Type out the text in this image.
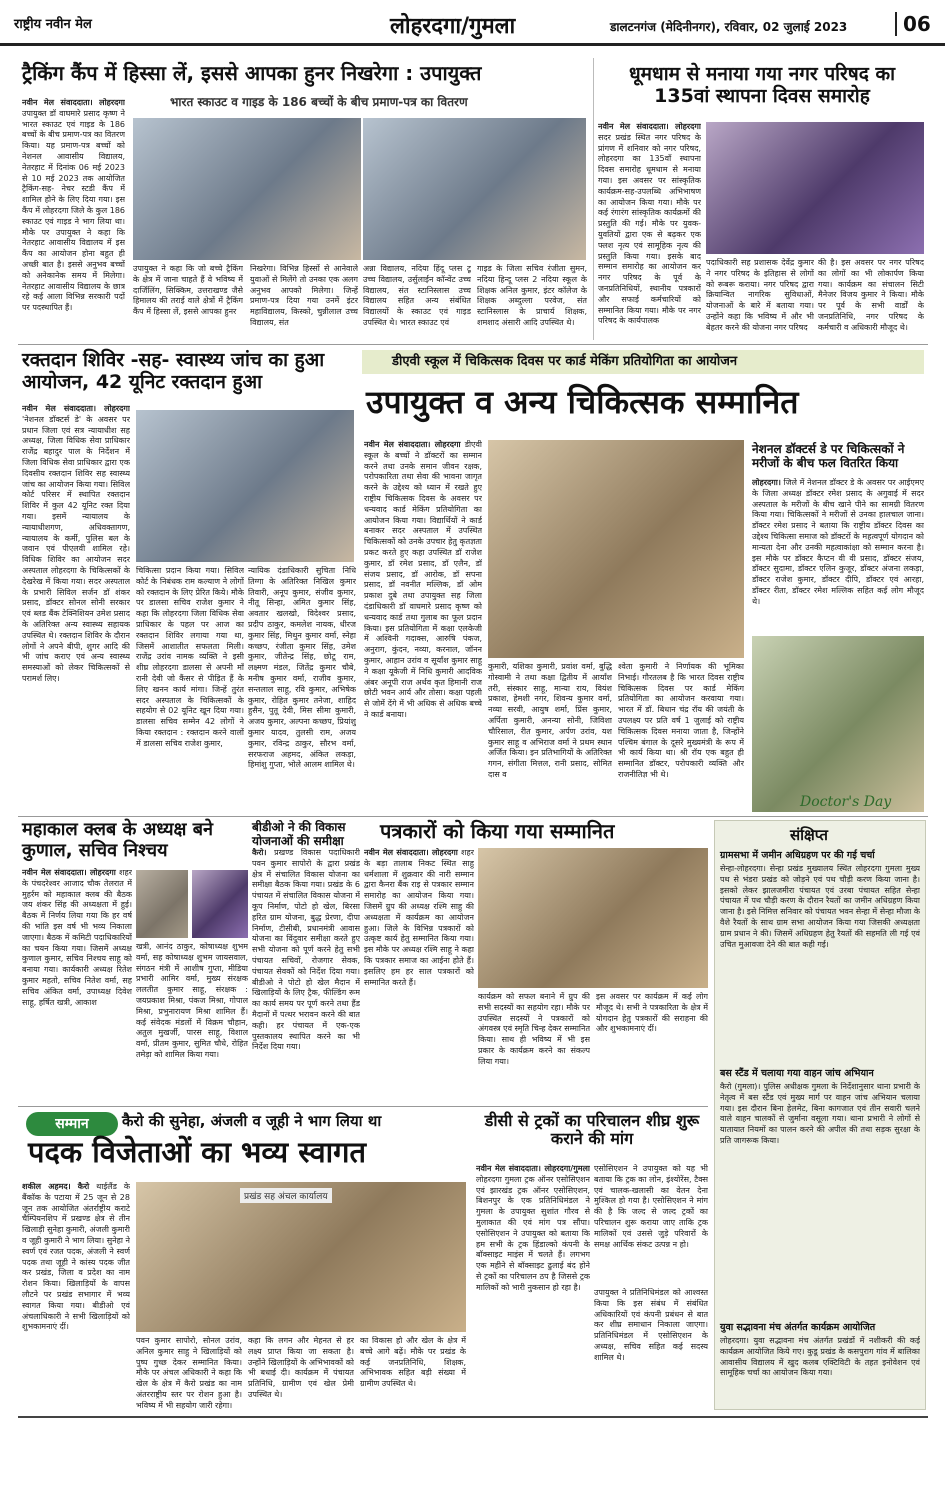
राष्ट्रीय नवीन मेल	लोहरदगा/गुमला	डालटनगंज (मेदिनीनगर), रविवार, 02 जुलाई 2023	06
ट्रैकिंग कैंप में हिस्सा लें, इससे आपका हुनर निखरेगा : उपायुक्त
भारत स्काउट व गाइड के 186 बच्चों के बीच प्रमाण-पत्र का वितरण
नवीन मेल संवाददाता। लोहरदगा उपायुक्त डॉ वाघमारे प्रसाद कृष्ण ने भारत स्काउट एवं गाइड के 186 बच्चों के बीच प्रमाण-पत्र का वितरण किया। यह प्रमाण-पत्र बच्चों को नेशनल आवासीय विद्यालय, नेतरहाट में दिनांक 06 मई 2023 से 10 मई 2023 तक आयोजित ट्रैकिंग-सह- नेचर स्टडी कैंप में शामिल होने के लिए दिया गया। इस कैंप में लोहरदगा जिले के कुल 186 स्काउट एवं गाइड ने भाग लिया था। मौके पर उपायुक्त ने कहा कि नेतरहाट आवासीय विद्यालय में इस कैंप का आयोजन होना बहुत ही अच्छी बात है। इससे अनुभव बच्चों को अनेकानेक समय में मिलेगा। नेतरहाट आवासीय विद्यालय के छात्र रहे कई आला विभिन्न सरकारी पदों पर पदस्थापित हैं।
उपायुक्त ने कहा कि जो बच्चे ट्रैकिंग के क्षेत्र में जाना चाहते हैं वे भविष्य में दार्जिलिंग, सिक्किम, उत्तराखण्ड जैसे हिमालय की तराई वाले क्षेत्रों में ट्रैकिंग कैंप में हिस्सा लें, इससे आपका हुनर
निखरेगा। विभिन्न हिस्सों से आनेवाले युवाओं से मिलेंगे तो उनका एक अलग अनुभव आपको मिलेगा। जिन्हें प्रमाण-पत्र दिया गया उनमें इंटर महाविद्यालय, किस्को, चुन्नीलाल उच्च विद्यालय, संत
अन्ना विद्यालय, नदिया हिंदू प्लस टू उच्च विद्यालय, उर्सुलाईन कॉन्वेंट उच्च विद्यालय, संत स्टानिस्लास उच्च विद्यालय सहित अन्य संबंधित विद्यालयों के स्काउट एवं गाइड उपस्थित थे। भारत स्काउट एवं
गाइड के जिला सचिव रंजीता सुमन, नदिया हिन्दू प्लस 2 नदिया स्कूल के शिक्षक अनिल कुमार, इंटर कॉलेज के शिक्षक अब्दुल्ला परवेज, संत स्टानिस्लास के प्राचार्य शिक्षक, शमशाद अंसारी आदि उपस्थित थे।
धूमधाम से मनाया गया नगर परिषद का 135वां स्थापना दिवस समारोह
नवीन मेल संवाददाता। लोहरदगा सदर प्रखंड स्थित नगर परिषद के प्रांगण में शनिवार को नगर परिषद, लोहरदगा का 135वाँ स्थापना दिवस समारोह धूमधाम से मनाया गया। इस अवसर पर सांस्कृतिक कार्यक्रम-सह-उपलब्धि अभिभाषण का आयोजन किया गया। मौके पर कई रंगारंग सांस्कृतिक कार्यक्रमों की प्रस्तुति की गई। मौके पर युवक-युवतियों द्वारा एक से बढ़कर एक फ्लश नृत्य एवं सामूहिक नृत्य की प्रस्तुति किया गया। इसके बाद सम्मान समारोह का आयोजन कर नगर परिषद के पूर्व के जनप्रतिनिधियों, स्थानीय पत्रकारों और सफाई कर्मचारियों को सम्मानित किया गया। मौके पर नगर परिषद के कार्यपालक
पदाधिकारी सह प्रशासक देवेंद्र कुमार ने नगर परिषद के इतिहास से लोगों को रूबरू कराया। नगर परिषद द्वारा क्रियान्वित नागरिक सुविधाओं, योजनाओं के बारे में बताया गया। उन्होंने कहा कि भविष्य में और भी बेहतर करने की योजना नगर परिषद
की है। इस अवसर पर नगर परिषद का लोगों का भी लोकार्पण किया गया। कार्यक्रम का संचालन सिटी मैनेजर विजय कुमार ने किया। मौके पर पूर्व के सभी वार्डों के जनप्रतिनिधि, नगर परिषद के कर्मचारी व अधिकारी मौजूद थे।
रक्तदान शिविर -सह- स्वास्थ्य जांच का हुआ आयोजन, 42 यूनिट रक्तदान हुआ
नवीन मेल संवाददाता। लोहरदगा 'नेशनल डॉक्टर्स डे' के अवसर पर प्रधान जिला एवं सत्र न्यायाधीश सह अध्यक्ष, जिला विधिक सेवा प्राधिकार राजेंद्र बहादुर पाल के निर्देशन में जिला विधिक सेवा प्राधिकार द्वारा एक दिवसीय रक्तदान शिविर सह स्वास्थ्य जांच का आयोजन किया गया। सिविल कोर्ट परिसर में स्थापित रक्तदान शिविर में कुल 42 यूनिट रक्त दिया गया। इसमें न्यायालय के न्यायाधीशगण, अधिवक्तागण, न्यायालय के कर्मी, पुलिस बल के जवान एवं पीएलवी शामिल रहे। विधिक शिविर का आयोजन सदर अस्पताल लोहरदगा के चिकित्सकों के देखरेख में किया गया। सदर अस्पताल के प्रभारी सिविल सर्जन डॉ शंकर प्रसाद, डॉक्टर सोनल सोनी सरकार एवं ब्लड बैंक टेक्निशियन उमेश प्रसाद के अतिरिक्त अन्य स्वास्थ्य सहायक उपस्थित थे। रक्तदान शिविर के दौरान लोगों ने अपने बीपी, शुगर आदि की भी जांच कराए एवं अन्य स्वास्थ्य समस्याओं को लेकर चिकित्सकों से परामर्श लिए।
चिकित्सा प्रदान किया गया। सिविल कोर्ट के निबंधक राम कल्याण ने लोगों को रक्तदान के लिए प्रेरित किये। मौके पर डालसा सचिव राजेश कुमार ने कहा कि लोहरदगा जिला विधिक सेवा प्राधिकार के पहल पर आज का रक्तदान शिविर लगाया गया था, जिसमें आशातीत सफलता मिली। राजेंद्र उरांव नामक व्यक्ति ने इसी शीघ्र लोहरदगा डालसा से अपनी माँ रानी देवी जो कैंसर से पीड़ित हैं के लिए खनन कार्य मांगा। जिन्हें तुरंत सदर अस्पताल के चिकित्सकों के सहयोग से 02 यूनिट खून दिया गया। डालसा सचिव सम्मेन 42 लोगों ने किया रक्तदान : रक्तदान करने वालों में डालसा सचिव राजेश कुमार,
न्यायिक दंडाधिकारी सुचिता निधि तिग्गा के अतिरिक्त निखिल कुमार तिवारी, अनूप कुमार, संजीव कुमार, नीतू सिन्हा, अमित कुमार सिंह, अवतार खलखो, विदेश्वर प्रसाद, प्रदीप ठाकुर, कमलेश नायक, धीरज कुमार सिंह, मिथुन कुमार वर्मा, स्नेहा कच्छप, रंजीता कुमार सिंह, उमेश कुमार, जीतेन्द्र सिंह, छोटू राम, लक्ष्मण मंडल, जितेंद्र कुमार चौबे, मनीष कुमार वर्मा, राजीव कुमार, सन्तलाल साहू, रवि कुमार, अभिषेक कुमार, रोहित कुमार तनेजा, शाहिद हुसैन, पुतू देवी, मिस सीमा कुमारी, अजय कुमार, अल्पना कच्छप, प्रियांशु कुमार यादव, तुलसी राम, अजय कुमार, रविन्द्र ठाकुर, सौरभ वर्मा, सरफराज अहमद, अंकित लकड़ा, हिमांशु गुप्ता, भोले आलम शामिल थे।
डीएवी स्कूल में चिकित्सक दिवस पर कार्ड मेकिंग प्रतियोगिता का आयोजन
उपायुक्त व अन्य चिकित्सक सम्मानित
नवीन मेल संवाददाता। लोहरदगा डीएवी स्कूल के बच्चों ने डॉक्टरों का सम्मान करने तथा उनके समान जीवन रक्षक, परोपकारिता तथा सेवा की भावना जागृत करने के उद्देश्य को ध्यान में रखते हुए राष्ट्रीय चिकित्सक दिवस के अवसर पर धन्यवाद कार्ड मेकिंग प्रतियोगिता का आयोजन किया गया। विद्यार्थियों ने कार्ड बनाकर सदर अस्पताल में उपस्थित चिकित्सकों को उनके उपचार हेतु कृतज्ञता प्रकट करते हुए कहा उपस्थित डॉ राजेश कुमार, डॉ रमेश प्रसाद, डॉ एलैन, डॉ संजय प्रसाद, डॉ आरोक, डॉ सपना प्रसाद, डॉ नवनीत मल्लिक, डॉ ओम प्रकाश दुबे तथा उपायुक्त सह जिला दंडाधिकारी डॉ वाघमारे प्रसाद कृष्ण को धन्यवाद कार्ड तथा गुलाब का फूल प्रदान किया। इस प्रतियोगिता में कक्षा एलकेजी में अश्विनी गदाक्स, आरुषि पंकज, अनुराग, कुंदन, नव्या, करनाल, जॉनन कुमार, आहान उरांव व सूर्यांश कुमार साहू ने कक्षा यूकेजी में निधि कुमारी आदविक अंबर अनूपी राज अर्थव कृत हिमानी राज छोटी भवन आर्य और तोसा। कक्षा पहली से जोमें देंगे में भी अधिक से अधिक बच्चे ने कार्ड बनाया।
कुमारी, यशिका कुमारी, प्रवांश वर्मा, बुद्धि गोस्वामी ने तथा कक्षा द्वितीय में आर्यांश तरी, संस्कार साहू, मान्या राय, वियंश प्रकाश, हेमशी नगर, शिवन्य कुमार वर्मा, नव्या सरवी, आयुष शर्मा, प्रिंस कुमार, अर्पिता कुमारी, अनन्या सोनी, जिविशा चौरिसाल, रीत कुमार, अर्पण उरांव, यश कुमार साहू व अभिराज वर्मा ने प्रथम स्थान अर्जित किया। इन प्रतिभागियों के अतिरिक्त गगन, संगीता मित्तल, रानी प्रसाद, सोमित दास व
श्वेता कुमारी ने निर्णायक की भूमिका निभाई। गौरतलब है कि भारत दिवस राष्ट्रीय चिकित्सक दिवस पर कार्ड मेकिंग प्रतियोगिता का आयोजन करवाया गया। भारत में डॉ. बिधान चंद्र रॉय की जयंती के उपलक्ष्य पर प्रति वर्ष 1 जुलाई को राष्ट्रीय चिकित्सक दिवस मनाया जाता है, जिन्होंने पश्चिम बंगाल के दूसरे मुख्यमंत्री के रूप में भी कार्य किया था। श्री रॉय एक बहुत ही सम्मानित डॉक्टर, परोपकारी व्यक्ति और राजनीतिज्ञ भी थे।
नेशनल डॉक्टर्स डे पर चिकित्सकों ने मरीजों के बीच फल वितरित किया
लोहरदगा। जिले में नेशनल डॉक्टर डे के अवसर पर आईएमए के जिला अध्यक्ष डॉक्टर रमेश प्रसाद के अगुवाई में सदर अस्पताल के मरीजों के बीच खाने पीने का सामग्री वितरण किया गया। चिकित्सकों ने मरीजों से उनका हालचाल जाना। डॉक्टर रमेश प्रसाद ने बताया कि राष्ट्रीय डॉक्टर दिवस का उद्देश्य चिकित्सा समाज को डॉक्टरों के महत्वपूर्ण योगदान को मान्यता देना और उनकी महत्वाकांक्षा को सम्मान करना है। इस मौके पर डॉक्टर कैप्टन वी वी प्रसाद, डॉक्टर संजय, डॉक्टर सुदामा, डॉक्टर एलिन कुजूर, डॉक्टर अंजना लकड़ा, डॉक्टर राजेश कुमार, डॉक्टर दीपि, डॉक्टर एवं आरहा, डॉक्टर रीता, डॉक्टर रमेश मल्लिक सहित कई लोग मौजूद थे।
Doctor's Day
महाकाल क्लब के अध्यक्ष बने कुणाल, सचिव निश्चय
नवीन मेल संवाददाता। लोहरदगा शहर के पंचदरेश्वर आजाद चौक तेलरात में मुहर्रम को महाकाल क्लब की बैठक जय शंकर सिंह की अध्यक्षता में हुई। बैठक में निर्णय लिया गया कि हर वर्ष की भांति इस वर्ष भी भव्य निकाला जाएगा। बैठक में कमिटी पदाधिकारियों का चयन किया गया। जिसमें अध्यक्ष कुणाल कुमार, सचिव निश्चय साहू को बनाया गया। कार्यकारी अध्यक्ष रितेश कुमार महतो, सचिव नितेश वर्मा, सह सचिव अंकित वर्मा, उपाध्यक्ष दिवेश साहू, हर्षित खत्री, आकाश
खत्री, आनंद ठाकुर, कोषाध्यक्ष शुभम वर्मा, सह कोषाध्यक्ष शुभम जायसवाल, संगठन मंत्री में आशीष गुप्ता, मीडिया प्रभारी आमिर वर्मा, मुख्य संरक्षक ललतीत कुमार साहू, संरक्षक : जयप्रकाश मिश्रा, पंकज मिश्रा, गोपाल मिश्रा, प्रभुनारायण मिश्रा शामिल हैं। कई संवेदक मंडलों में विक्रम चौहान, अतुल मुखर्जी, पारस साहू, विशाल वर्मा, प्रीतम कुमार, सुमित चौधे, रोहित तमेड़ा को शामिल किया गया।
बीडीओ ने की विकास योजनाओं की समीक्षा
कैरो। प्रखण्ड विकास पदाधिकारी पवन कुमार सापोरो के द्वारा प्रखंड क्षेत्र में संचालित विकास योजना का समीक्षा बैठक किया गया। प्रखंड के 6 पंचायत में संचालित विकास योजना में कूप निर्माण, पोटो हो खेल, बिरसा हरित ग्राम योजना, बुद्ध प्रेरणा, दीपा निर्माण, टीसीबी, प्रधानमंत्री आवास योजना का विंदुवार समीक्षा करते हुए सभी योजना को पूर्ण करने हेतु सभी पंचायत सचिवों, रोजगार सेवक, पंचायत सेवकों को निर्देश दिया गया। बीडीओ ने पोटो हो खेल मैदान में खिलाड़ियों के लिए ट्रैक, फील्डिंग रूम का कार्य समय पर पूर्ण करने तथा हैंड मैदानों में पत्थर भरावन करने की बात कही। हर पंचायत में एक-एक पुस्तकालय स्थापित करने का भी निर्देश दिया गया।
पत्रकारों को किया गया सम्मानित
नवीन मेल संवाददाता। लोहरदगा शहर के बड़ा तालाब निकट स्थित साहु धर्मशाला में शुक्रवार की नारी सम्मान द्वारा कैनरा बैंक राइ से पत्रकार सम्मान समारोह का आयोजन किया गया। जिसमें ग्रुप की अध्यक्ष रश्मि साहु की अध्यक्षता में कार्यक्रम का आयोजन हुआ। जिले के विभिन्न पत्रकारों को उत्कृष्ट कार्य हेतु सम्मानित किया गया। इस मौके पर अध्यक्ष रश्मि साहू ने कहा कि पत्रकार समाज का आईना होते हैं। इसलिए हम हर साल पत्रकारों को सम्मानित करते हैं।
कार्यक्रम को सफल बनाने में ग्रुप की सभी सदस्यों का सहयोग रहा। मौके पर उपस्थित सदस्यों ने पत्रकारों को अंगवस्त्र एवं स्मृति चिन्ह देकर सम्मानित किया। साथ ही भविष्य में भी इस प्रकार के कार्यक्रम करने का संकल्प लिया गया।
इस अवसर पर कार्यक्रम में कई लोग मौजूद थे। सभी ने पत्रकारिता के क्षेत्र में योगदान हेतु पत्रकारों की सराहना की और शुभकामनाएं दीं।
संक्षिप्त
ग्रामसभा में जमीन अधिग्रहण पर की गई चर्चा
सेन्हा-लोहरदगा। सेन्हा प्रखंड मुख्यालय स्थित लोहरदगा गुमला मुख्य पथ से भंडरा प्रखंड को जोड़ने एवं पथ चौड़ी करण किया जाना है। इसको लेकर झालजमीरा पंचायत एवं उरबा पंचायत सहित सेन्हा पंचायत में पथ चौड़ी करण के दौरान रैयतों का जमीन अधिग्रहण किया जाना है। इसे निमित्त सनिवार को पंचायत भवन सेन्हा में सेन्हा मौजा के वैशे रैयतों के साथ ग्राम सभा आयोजन किया गया जिसकी अध्यक्षता ग्राम प्रधान ने की। जिसमें अधिग्रहण हेतु रैयतों की सहमति ली गई एवं उचित मुआवजा देने की बात कही गई।
बस स्टैंड में चलाया गया वाहन जांच अभियान
कैरो (गुमला)। पुलिस अधीक्षक गुमला के निर्देशानुसार थाना प्रभारी के नेतृत्व में बस स्टैंड एवं मुख्य मार्ग पर वाहन जांच अभियान चलाया गया। इस दौरान बिना हेलमेट, बिना कागजात एवं तीन सवारी चलने वाले वाहन चालकों से जुर्माना वसूला गया। थाना प्रभारी ने लोगों से यातायात नियमों का पालन करने की अपील की तथा सड़क सुरक्षा के प्रति जागरूक किया।
युवा सद्भावना मंच अंतर्गत कार्यक्रम आयोजित
लोहरदगा। युवा सद्भावना मंच अंतर्गत प्रखंडों में नशीकरी की कई कार्यक्रम आयोजित किये गए। कुडू प्रखंड के कसपुराग गांव में बालिका आवासीय विद्यालय में खुद कलब एक्टिविटी के तहत इनोवेशन एवं सामूहिक चर्चा का आयोजन किया गया।
सम्मान	कैरो की सुनेहा, अंजली व जूही ने भाग लिया था
पदक विजेताओं का भव्य स्वागत
शकील अहमद। कैरो थाईलैंड के बैंकॉक के पटाया में 25 जून से 28 जून तक आयोजित अंतर्राष्ट्रीय कराटे चैम्पियनशिप में प्रखण्ड क्षेत्र से तीन खिलाड़ी सुनेहा कुमारी, अंजली कुमारी व जूही कुमारी ने भाग लिया। सुनेहा ने स्वर्ण एवं रजत पदक, अंजली ने स्वर्ण पदक तथा जूही ने कांस्य पदक जीत कर प्रखंड, जिला व प्रदेश का नाम रोशन किया। खिलाड़ियों के वापस लौटने पर प्रखंड सभागार में भव्य स्वागत किया गया। बीडीओ एवं अंचलाधिकारी ने सभी खिलाड़ियों को शुभकामनाएं दीं।
प्रखंड सह अंचल कार्यालय
पवन कुमार सापोरो, सोनल उरांव, अनिल कुमार साहु ने खिलाड़ियों को पुष्प गुच्छ देकर सम्मानित किया। मौके पर अंचल अधिकारी ने कहा कि खेल के क्षेत्र में कैरो प्रखंड का नाम अंतरराष्ट्रीय स्तर पर रोशन हुआ है। भविष्य में भी सहयोग जारी रहेगा।
कहा कि लगन और मेहनत से हर लक्ष्य प्राप्त किया जा सकता है। उन्होंने खिलाड़ियों के अभिभावकों को भी बधाई दी। कार्यक्रम में पंचायत प्रतिनिधि, ग्रामीण एवं खेल प्रेमी उपस्थित थे।
का विकास हो और खेल के क्षेत्र में बच्चे आगे बढ़ें। मौके पर प्रखंड के कई जनप्रतिनिधि, शिक्षक, अभिभावक सहित बड़ी संख्या में ग्रामीण उपस्थित थे।
डीसी से ट्रकों का परिचालन शीघ्र शुरू कराने की मांग
नवीन मेल संवाददाता। लोहरदगा/गुमला लोहरदगा गुमला ट्रक ऑनर एसोसिएशन एवं झारखंड ट्रक ऑनर एसोसिएशन, बिशनपुर के एक प्रतिनिधिमंडल ने गुमला के उपायुक्त सुशांत गौरव से मुलाकात की एवं मांग पत्र सौंपा। एसोसिएशन ने उपायुक्त को बताया कि हम सभी के ट्रक हिंडाल्को कंपनी के बॉक्साइट माइंस में चलते हैं। लगभग एक महीने से बॉक्साइट ढुलाई बंद होने से ट्रकों का परिचालन ठप है जिससे ट्रक मालिकों को भारी नुकसान हो रहा है।
एसोसिएशन ने उपायुक्त को यह भी बताया कि ट्रक का लोन, इंश्योरेंस, टैक्स एवं चालक-खलासी का वेतन देना मुश्किल हो गया है। एसोसिएशन ने मांग की है कि जल्द से जल्द ट्रकों का परिचालन शुरू कराया जाए ताकि ट्रक मालिकों एवं उससे जुड़े परिवारों के समक्ष आर्थिक संकट उत्पन्न न हो।
उपायुक्त ने प्रतिनिधिमंडल को आश्वस्त किया कि इस संबंध में संबंधित अधिकारियों एवं कंपनी प्रबंधन से बात कर शीघ्र समाधान निकाला जाएगा। प्रतिनिधिमंडल में एसोसिएशन के अध्यक्ष, सचिव सहित कई सदस्य शामिल थे।
